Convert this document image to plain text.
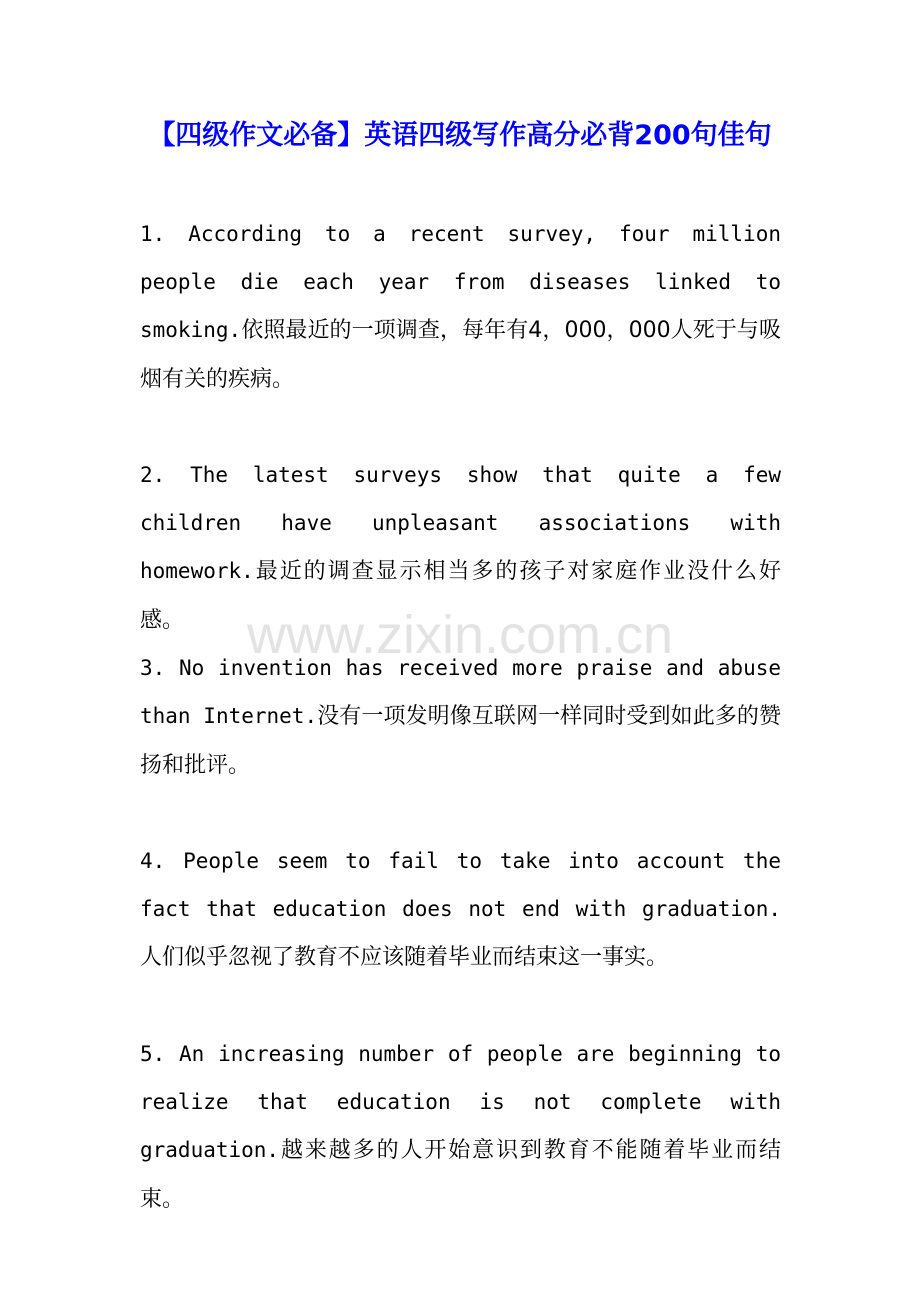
【四级作文必备】英语四级写作高分必背200句佳句
www.zixin.com.cn

1. According to a recent survey, four million people die each year from diseases linked to smoking.依照最近的一项调查，每年有4，000，000人死于与吸烟有关的疾病。

2. The latest surveys show that quite a few children have unpleasant associations with homework.最近的调查显示相当多的孩子对家庭作业没什么好感。

3. No invention has received more praise and abuse than Internet.没有一项发明像互联网一样同时受到如此多的赞扬和批评。

4. People seem to fail to take into account the fact that education does not end with graduation.人们似乎忽视了教育不应该随着毕业而结束这一事实。

5. An increasing number of people are beginning to realize that education is not complete with graduation.越来越多的人开始意识到教育不能随着毕业而结束。
